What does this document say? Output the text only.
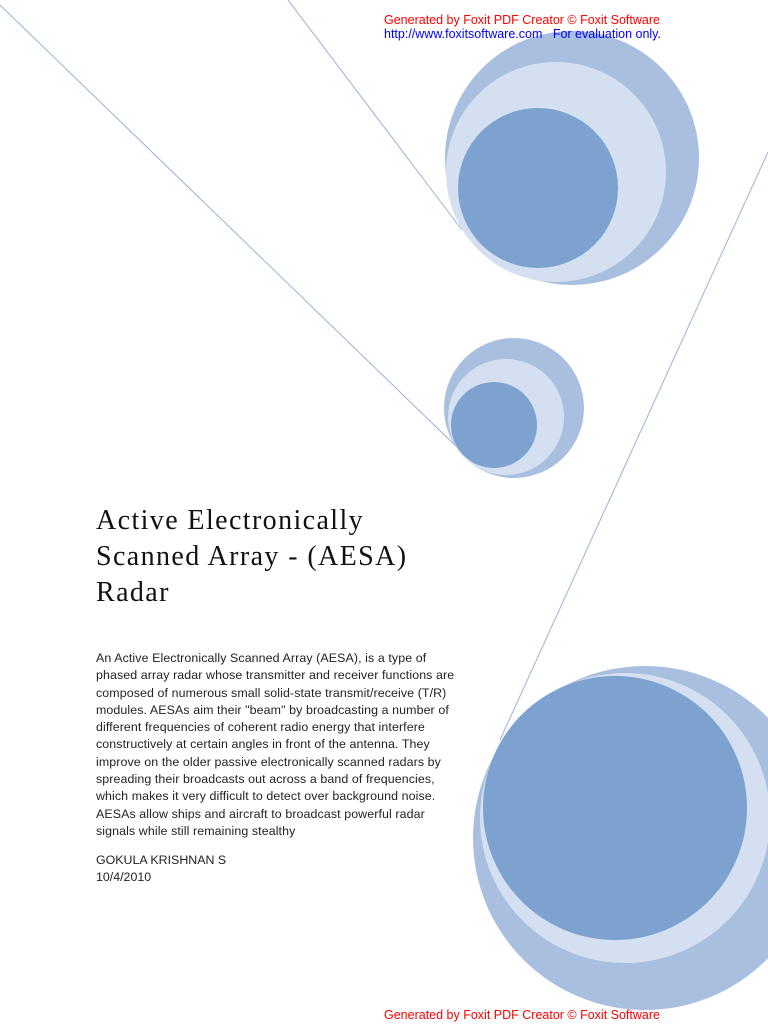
Generated by Foxit PDF Creator © Foxit Software
http://www.foxitsoftware.com For evaluation only.
Active Electronically
Scanned Array - (AESA)
Radar

An Active Electronically Scanned Array (AESA), is a type of phased array radar whose transmitter and receiver functions are composed of numerous small solid-state transmit/receive (T/R) modules. AESAs aim their "beam" by broadcasting a number of different frequencies of coherent radio energy that interfere constructively at certain angles in front of the antenna. They improve on the older passive electronically scanned radars by spreading their broadcasts out across a band of frequencies, which makes it very difficult to detect over background noise. AESAs allow ships and aircraft to broadcast powerful radar signals while still remaining stealthy

GOKULA KRISHNAN S
10/4/2010

Generated by Foxit PDF Creator © Foxit Software
